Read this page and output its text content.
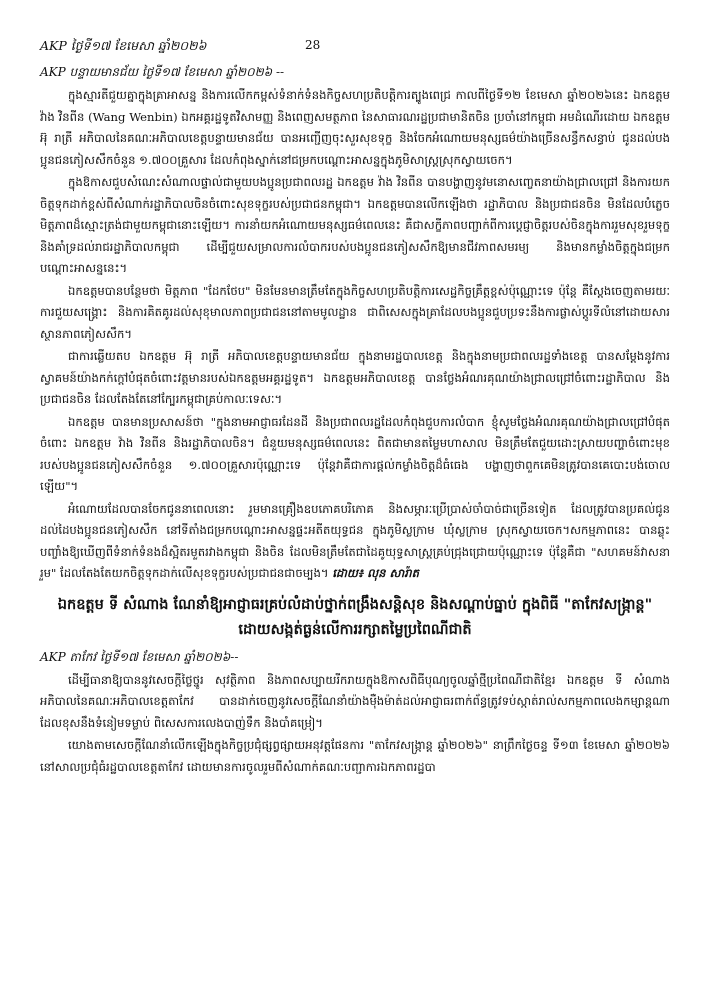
AKP ថ្ងៃទី១៧ ខែមេសា ឆ្នាំ២០២៦	28

AKP បន្ទាយមានជ័យ ថ្ងៃទី១៧ ខែមេសា ឆ្នាំ២០២៦ --

ក្នុងស្មារតីជួយគ្នាក្នុងគ្រាអាសន្ន និងការលើកកម្ពស់ទំនាក់ទំនងកិច្ចសហប្រតិបត្តិការត្បូងពេជ្រ កាលពីថ្ងៃទី១២ ខែមេសា ឆ្នាំ២០២៦នេះ ឯកឧត្តម វ៉ាង វិនពីន (Wang Wenbin) ឯកអគ្គរដ្ឋទូតវិសាមញ្ញ និងពេញសមត្ថភាព នៃសាធារណរដ្ឋប្រជាមានិតចិន ប្រចាំនៅកម្ពុជា អមដំណើរដោយ ឯកឧត្តម អ៊ុ រាត្រី អភិបាលនៃគណៈអភិបាលខេត្តបន្ទាយមានជ័យ បានអញ្ជើញចុះសួរសុខទុក្ខ និងចែកអំណោយមនុស្សធម៌យ៉ាងច្រើនសន្ធឹកសន្ធាប់ ជូនដល់បងប្អូនជនភៀសសឹកចំនួន ១.៧០០គ្រួសារ ដែលកំពុងស្នាក់នៅជម្រកបណ្ដោះអាសន្នក្នុងភូមិសាស្ត្រស្រុកស្វាយចេក។

ក្នុងឱកាសជួបសំណេះសំណាលផ្ទាល់ជាមួយបងប្អូនប្រជាពលរដ្ឋ ឯកឧត្តម វ៉ាង វិនពីន បានបង្ហាញនូវមនោសញ្ចេតនាយ៉ាងជ្រាលជ្រៅ និងការយកចិត្តទុកដាក់ខ្ពស់ពីសំណាក់រដ្ឋាភិបាលចិនចំពោះសុខទុក្ខរបស់ប្រជាជនកម្ពុជា។ ឯកឧត្តមបានលើកឡើងថា រដ្ឋាភិបាល និងប្រជាជនចិន មិនដែលបំភ្លេចមិត្តភាពដ៏ស្មោះត្រង់ជាមួយកម្ពុជានោះឡើយ។ ការនាំយកអំណោយមនុស្សធម៌ពេលនេះ គឺជាសក្ខីភាពបញ្ជាក់ពីការប្ដេជ្ញាចិត្តរបស់ចិនក្នុងការរួមសុខរួមទុក្ខ និងគាំទ្រដល់រាជរដ្ឋាភិបាលកម្ពុជា ដើម្បីជួយសម្រាលការលំបាករបស់បងប្អូនជនភៀសសឹកឱ្យមានជីវភាពសមរម្យ និងមានកម្លាំងចិត្តក្នុងជម្រកបណ្ដោះអាសន្ននេះ។

ឯកឧត្តមបានបន្ថែមថា មិត្តភាព "ដែកថែប" មិនមែនមានត្រឹមតែក្នុងកិច្ចសហប្រតិបត្តិការសេដ្ឋកិច្ចគ្រឹត្តខ្ពស់ប៉ុណ្ណោះទេ ប៉ុន្តែ គឺស្ដែងចេញតាមរយៈការជួយសង្គ្រោះ និងការគិតគូរដល់សុខុមាលភាពប្រជាជននៅតាមមូលដ្ឋាន ជាពិសេសក្នុងគ្រាដែលបងប្អូនជួបប្រទះនឹងការផ្លាស់ប្ដូរទីលំនៅដោយសារស្ថានភាពភៀសសឹក។

ជាការឆ្លើយតប ឯកឧត្តម អ៊ុ រាត្រី អភិបាលខេត្តបន្ទាយមានជ័យ ក្នុងនាមរដ្ឋបាលខេត្ត និងក្នុងនាមប្រជាពលរដ្ឋទាំងខេត្ត បានសម្ដែងនូវការស្វាគមន៍យ៉ាងកក់ក្ដៅបំផុតចំពោះវត្តមានរបស់ឯកឧត្តមអគ្គរដ្ឋទូត។ ឯកឧត្តមអភិបាលខេត្ត បានថ្លែងអំណរគុណយ៉ាងជ្រាលជ្រៅចំពោះរដ្ឋាភិបាល និងប្រជាជនចិន ដែលតែងតែនៅក្បែរកម្ពុជាគ្រប់កាលៈទេសៈ។

ឯកឧត្តម បានមានប្រសាសន៍ថា "ក្នុងនាមអាជ្ញាធរដែនដី និងប្រជាពលរដ្ឋដែលកំពុងជួបការលំបាក ខ្ញុំសូមថ្លែងអំណរគុណយ៉ាងជ្រាលជ្រៅបំផុតចំពោះ ឯកឧត្តម វ៉ាង វិនពីន និងរដ្ឋាភិបាលចិន។ ជំនួយមនុស្សធម៌ពេលនេះ ពិតជាមានតម្លៃមហាសាល មិនត្រឹមតែជួយដោះស្រាយបញ្ហាចំពោះមុខរបស់បងប្អូនជនភៀសសឹកចំនួន ១.៧០០គ្រួសារប៉ុណ្ណោះទេ ប៉ុន្តែវាគឺជាការផ្ដល់កម្លាំងចិត្តដ៏ធំធេង បង្ហាញថាពួកគេមិនត្រូវបានគេបោះបង់ចោលឡើយ"។

អំណោយដែលបានចែកជូននាពេលនោះ រួមមានគ្រឿងឧបភោគបរិភោគ និងសម្ភារៈប្រើប្រាស់ចាំបាច់ជាច្រើនទៀត ដែលត្រូវបានប្រគល់ជូនដល់ដៃបងប្អូនជនភៀសសឹក នៅទីតាំងជម្រកបណ្ដោះអាសន្នផ្ទះអតីតយុទ្ធជន ក្នុងភូមិស្លក្រាម ឃុំស្លក្រាម ស្រុកស្វាយចេក។សកម្មភាពនេះ បានឆ្លុះបញ្ចាំងឱ្យឃើញពីទំនាក់ទំនងដ៏ស្អិតរមួតរវាងកម្ពុជា និងចិន ដែលមិនត្រឹមតែជាដៃគូយុទ្ធសាស្ត្រគ្រប់ជ្រុងជ្រោយប៉ុណ្ណោះទេ ប៉ុន្តែគឺជា "សហគមន៍វាសនារួម" ដែលតែងតែយកចិត្តទុកដាក់លើសុខទុក្ខរបស់ប្រជាជនជាចម្បង។ ដោយ៖ លុន សារ៉ាត

ឯកឧត្តម ទី សំណាង ណែនាំឱ្យអាជ្ញាធរគ្រប់លំដាប់ថ្នាក់ពង្រឹងសន្តិសុខ និងសណ្ដាប់ធ្នាប់ ក្នុងពិធី "តាកែវសង្ក្រាន្ត" ដោយសង្កត់ធ្ងន់លើការរក្សាតម្លៃប្រពៃណីជាតិ

AKP តាកែវ ថ្ងៃទី១៧ ខែមេសា ឆ្នាំ២០២៦--

ដើម្បីធានាឱ្យបាននូវសេចក្ដីថ្លៃថ្នូរ សុវត្ថិភាព និងភាពសប្បាយរីករាយក្នុងឱកាសពិធីបុណ្យចូលឆ្នាំថ្មីប្រពៃណីជាតិខ្មែរ ឯកឧត្តម ទី សំណាង អភិបាលនៃគណៈអភិបាលខេត្តតាកែវ បានដាក់ចេញនូវសេចក្ដីណែនាំយ៉ាងម៉ឺងម៉ាត់ដល់អាជ្ញាធរពាក់ព័ន្ធត្រូវទប់ស្កាត់រាល់សកម្មភាពលេងកម្សាន្តណាដែលខុសនឹងទំនៀមទម្លាប់ ពិសេសការលេងបាញ់ទឹក និងបាំគម្រៀ។

យោងតាមសេចក្ដីណែនាំលើកឡើងក្នុងកិច្ចប្រជុំផ្សព្វផ្សាយអនុវត្តផែនការ "តាកែវសង្ក្រាន្ត ឆ្នាំ២០២៦" នាព្រឹកថ្ងៃចន្ទ ទី១៣ ខែមេសា ឆ្នាំ២០២៦ នៅសាលប្រជុំធំរដ្ឋបាលខេត្តតាកែវ ដោយមានការចូលរួមពីសំណាក់គណៈបញ្ជាការឯកភាពរដ្ឋបា
